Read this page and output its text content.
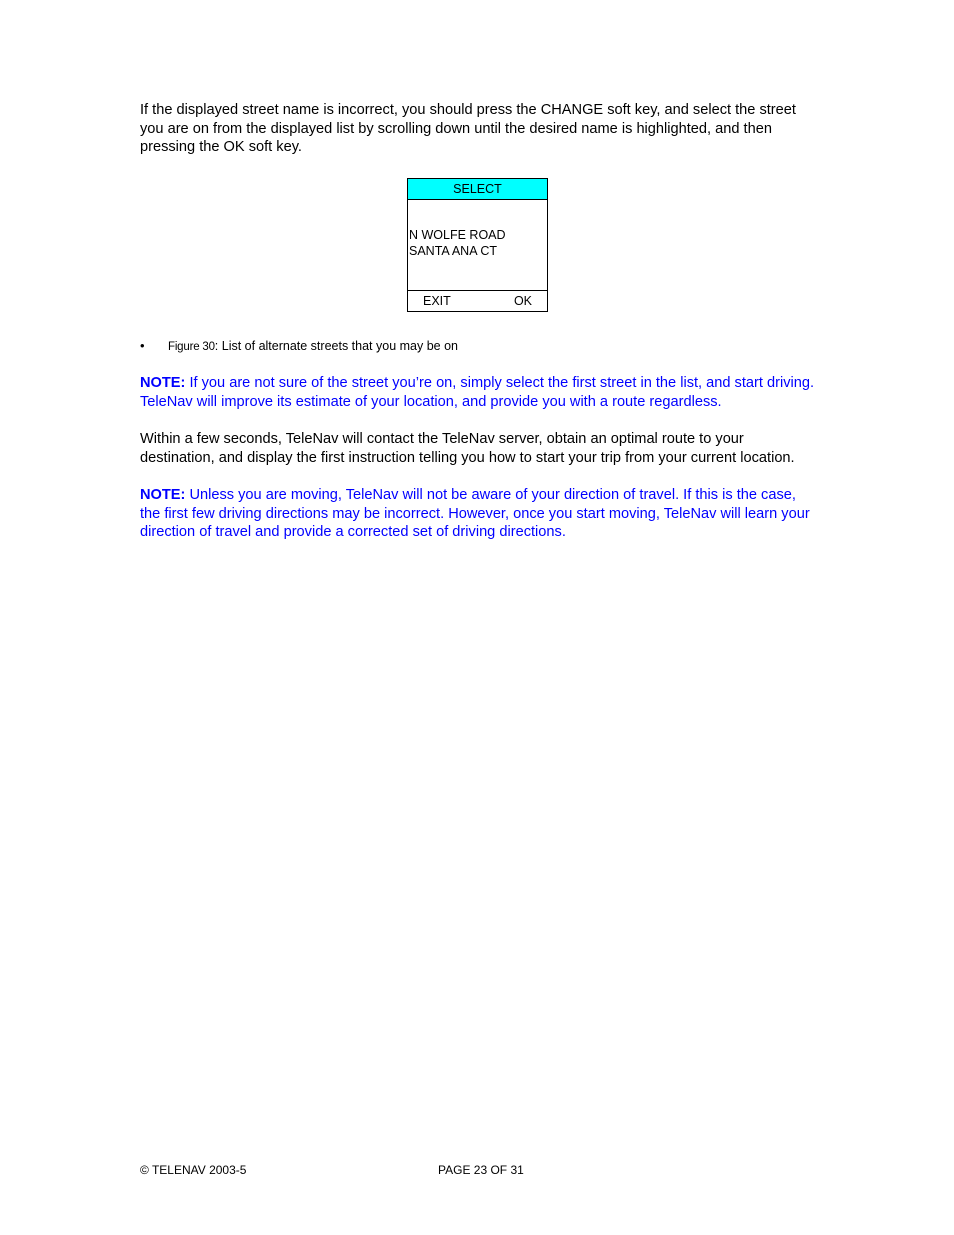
If the displayed street name is incorrect, you should press the CHANGE soft key, and select the street you are on from the displayed list by scrolling down until the desired name is highlighted, and then pressing the OK soft key.

SELECT
N WOLFE ROAD
SANTA ANA CT
EXIT	OK
• Figure 30: List of alternate streets that you may be on

NOTE: If you are not sure of the street you’re on, simply select the first street in the list, and start driving. TeleNav will improve its estimate of your location, and provide you with a route regardless.

Within a few seconds, TeleNav will contact the TeleNav server, obtain an optimal route to your destination, and display the first instruction telling you how to start your trip from your current location.

NOTE: Unless you are moving, TeleNav will not be aware of your direction of travel. If this is the case, the first few driving directions may be incorrect. However, once you start moving, TeleNav will learn your direction of travel and provide a corrected set of driving directions.

© TELENAV 2003-5	PAGE 23 OF 31
